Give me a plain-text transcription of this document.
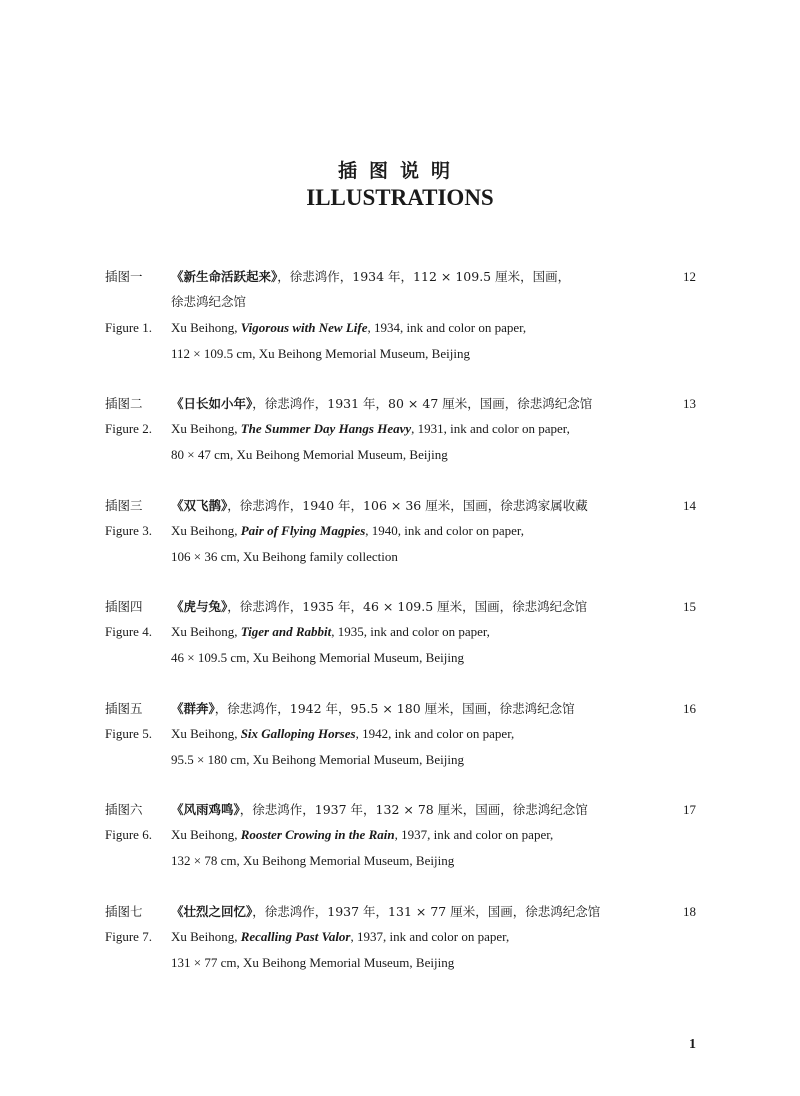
插图说明
ILLUSTRATIONS
插图一 《新生命活跃起来》，徐悲鸿作，1934 年，112 × 109.5 厘米，国画，	12
徐悲鸿纪念馆
Figure 1. Xu Beihong, Vigorous with New Life, 1934, ink and color on paper,
112 × 109.5 cm, Xu Beihong Memorial Museum, Beijing
插图二 《日长如小年》，徐悲鸿作，1931 年，80 × 47 厘米，国画，徐悲鸿纪念馆	13
Figure 2. Xu Beihong, The Summer Day Hangs Heavy, 1931, ink and color on paper,
80 × 47 cm, Xu Beihong Memorial Museum, Beijing
插图三 《双飞鹊》，徐悲鸿作，1940 年，106 × 36 厘米，国画，徐悲鸿家属收藏	14
Figure 3. Xu Beihong, Pair of Flying Magpies, 1940, ink and color on paper,
106 × 36 cm, Xu Beihong family collection
插图四 《虎与兔》，徐悲鸿作，1935 年，46 × 109.5 厘米，国画，徐悲鸿纪念馆	15
Figure 4. Xu Beihong, Tiger and Rabbit, 1935, ink and color on paper,
46 × 109.5 cm, Xu Beihong Memorial Museum, Beijing
插图五 《群奔》，徐悲鸿作，1942 年，95.5 × 180 厘米，国画，徐悲鸿纪念馆	16
Figure 5. Xu Beihong, Six Galloping Horses, 1942, ink and color on paper,
95.5 × 180 cm, Xu Beihong Memorial Museum, Beijing
插图六 《风雨鸡鸣》，徐悲鸿作，1937 年，132 × 78 厘米，国画，徐悲鸿纪念馆	17
Figure 6. Xu Beihong, Rooster Crowing in the Rain, 1937, ink and color on paper,
132 × 78 cm, Xu Beihong Memorial Museum, Beijing
插图七 《壮烈之回忆》，徐悲鸿作，1937 年，131 × 77 厘米，国画，徐悲鸿纪念馆	18
Figure 7. Xu Beihong, Recalling Past Valor, 1937, ink and color on paper,
131 × 77 cm, Xu Beihong Memorial Museum, Beijing
1
